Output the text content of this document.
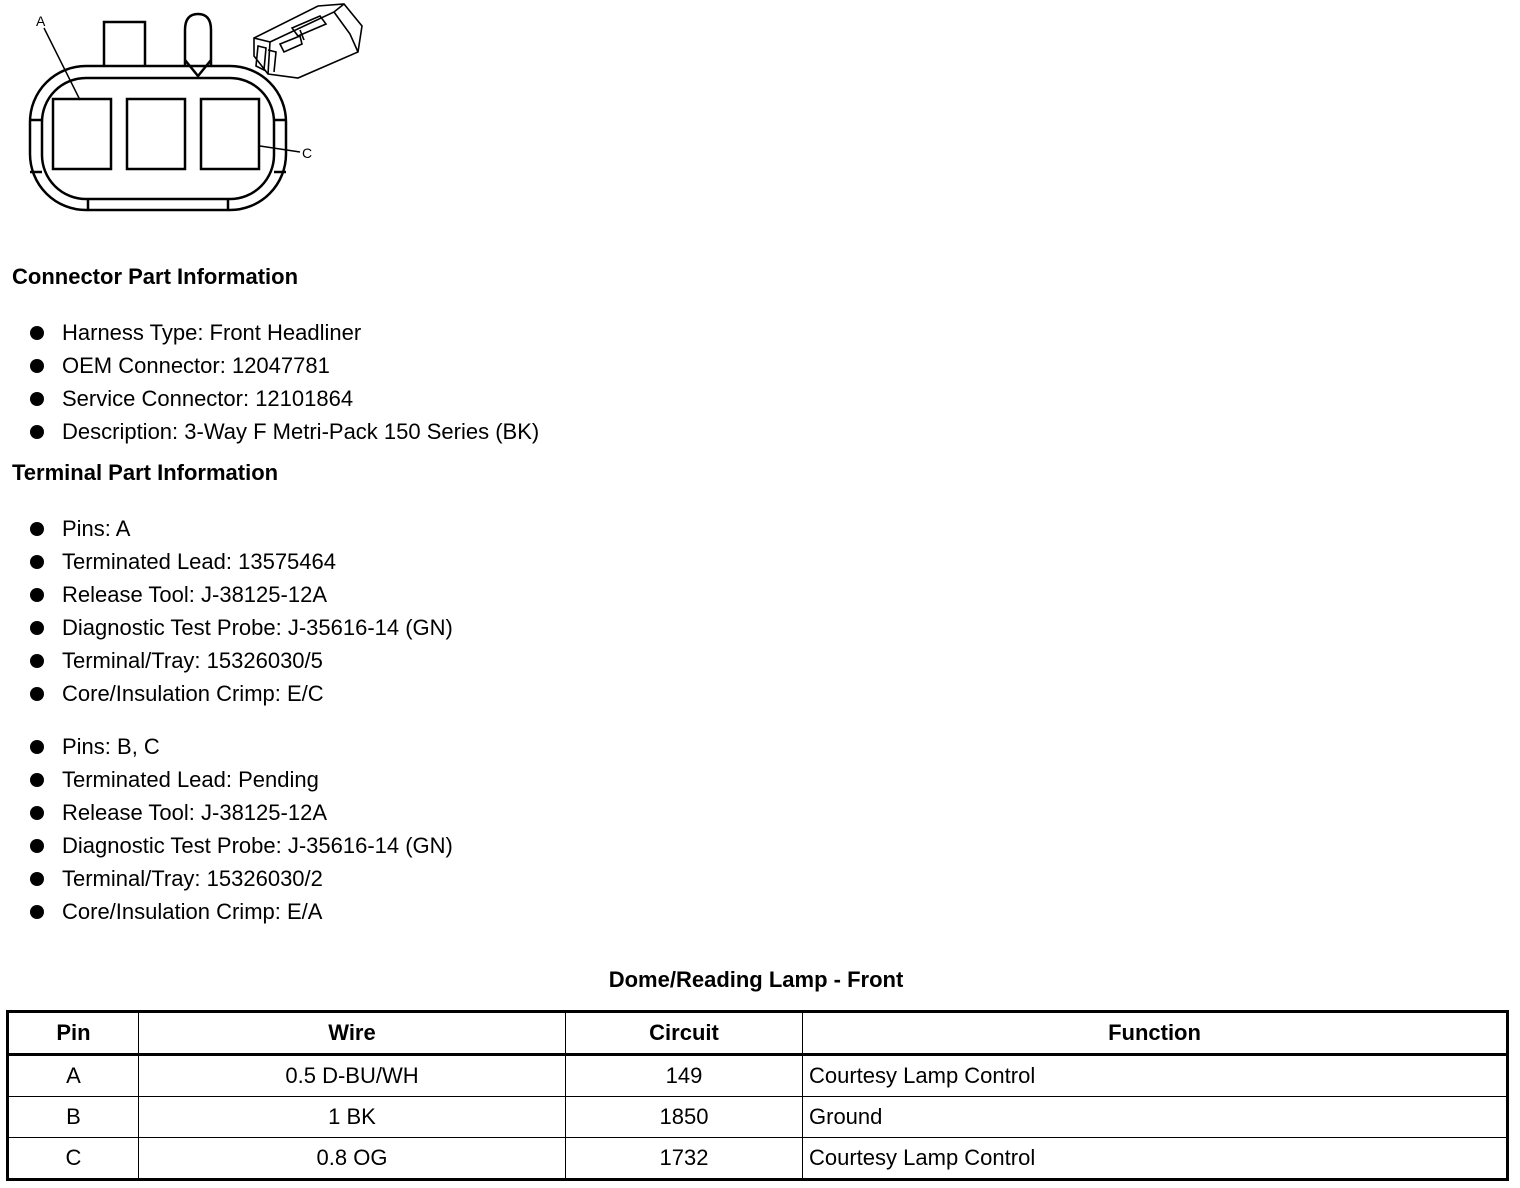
A
C
Connector Part Information
Harness Type: Front Headliner
OEM Connector: 12047781
Service Connector: 12101864
Description: 3-Way F Metri-Pack 150 Series (BK)
Terminal Part Information
Pins: A
Terminated Lead: 13575464
Release Tool: J-38125-12A
Diagnostic Test Probe: J-35616-14 (GN)
Terminal/Tray: 15326030/5
Core/Insulation Crimp: E/C
Pins: B, C
Terminated Lead: Pending
Release Tool: J-38125-12A
Diagnostic Test Probe: J-35616-14 (GN)
Terminal/Tray: 15326030/2
Core/Insulation Crimp: E/A
Dome/Reading Lamp - Front
Pin	Wire	Circuit	Function
A	0.5 D-BU/WH	149	Courtesy Lamp Control
B	1 BK	1850	Ground
C	0.8 OG	1732	Courtesy Lamp Control
